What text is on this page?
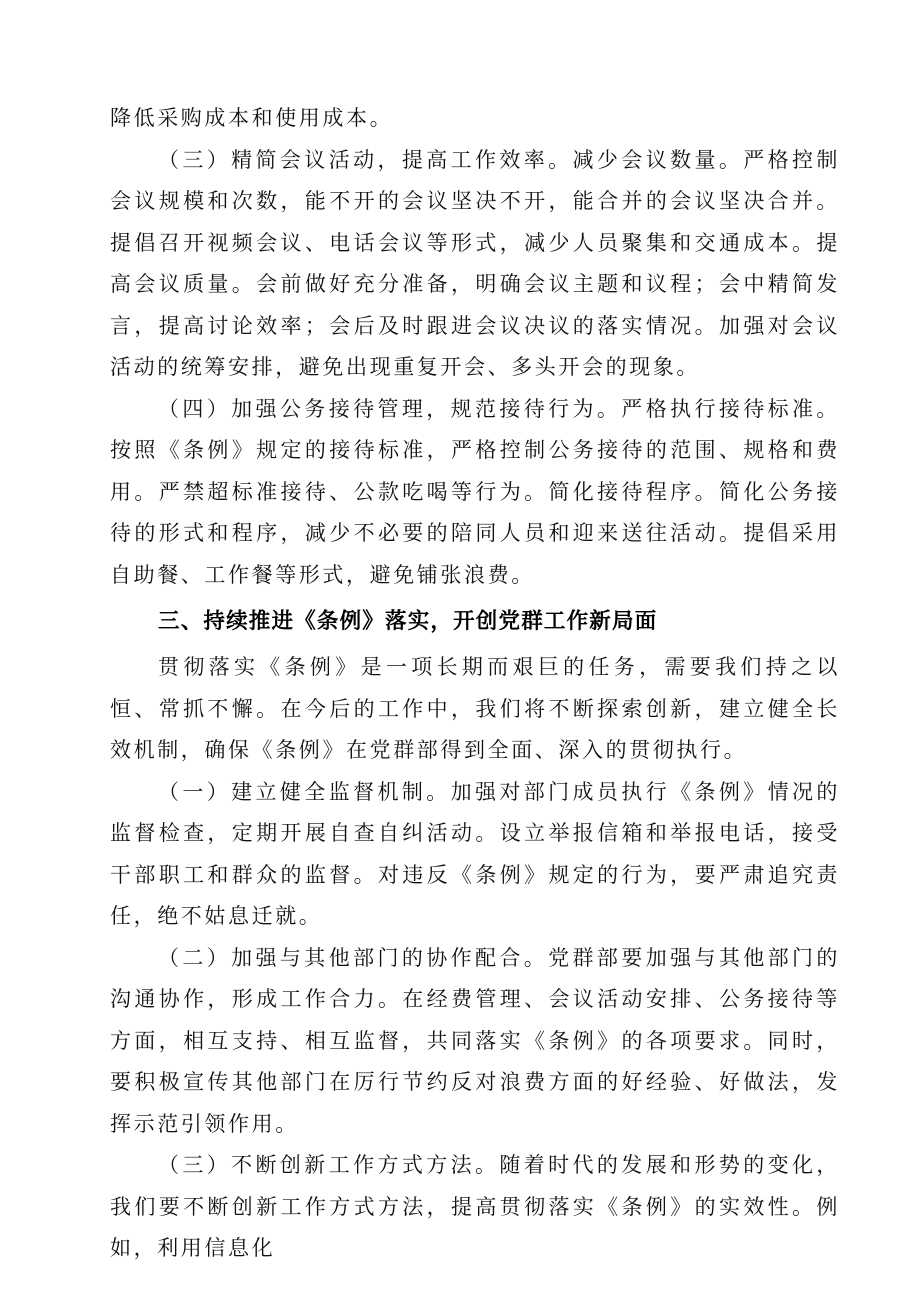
降低采购成本和使用成本。

（三）精简会议活动，提高工作效率。减少会议数量。严格控制会议规模和次数，能不开的会议坚决不开，能合并的会议坚决合并。提倡召开视频会议、电话会议等形式，减少人员聚集和交通成本。提高会议质量。会前做好充分准备，明确会议主题和议程；会中精简发言，提高讨论效率；会后及时跟进会议决议的落实情况。加强对会议活动的统筹安排，避免出现重复开会、多头开会的现象。

（四）加强公务接待管理，规范接待行为。严格执行接待标准。按照《条例》规定的接待标准，严格控制公务接待的范围、规格和费用。严禁超标准接待、公款吃喝等行为。简化接待程序。简化公务接待的形式和程序，减少不必要的陪同人员和迎来送往活动。提倡采用自助餐、工作餐等形式，避免铺张浪费。

三、持续推进《条例》落实，开创党群工作新局面

贯彻落实《条例》是一项长期而艰巨的任务，需要我们持之以恒、常抓不懈。在今后的工作中，我们将不断探索创新，建立健全长效机制，确保《条例》在党群部得到全面、深入的贯彻执行。

（一）建立健全监督机制。加强对部门成员执行《条例》情况的监督检查，定期开展自查自纠活动。设立举报信箱和举报电话，接受干部职工和群众的监督。对违反《条例》规定的行为，要严肃追究责任，绝不姑息迁就。

（二）加强与其他部门的协作配合。党群部要加强与其他部门的沟通协作，形成工作合力。在经费管理、会议活动安排、公务接待等方面，相互支持、相互监督，共同落实《条例》的各项要求。同时，要积极宣传其他部门在厉行节约反对浪费方面的好经验、好做法，发挥示范引领作用。

（三）不断创新工作方式方法。随着时代的发展和形势的变化，我们要不断创新工作方式方法，提高贯彻落实《条例》的实效性。例如，利用信息化
